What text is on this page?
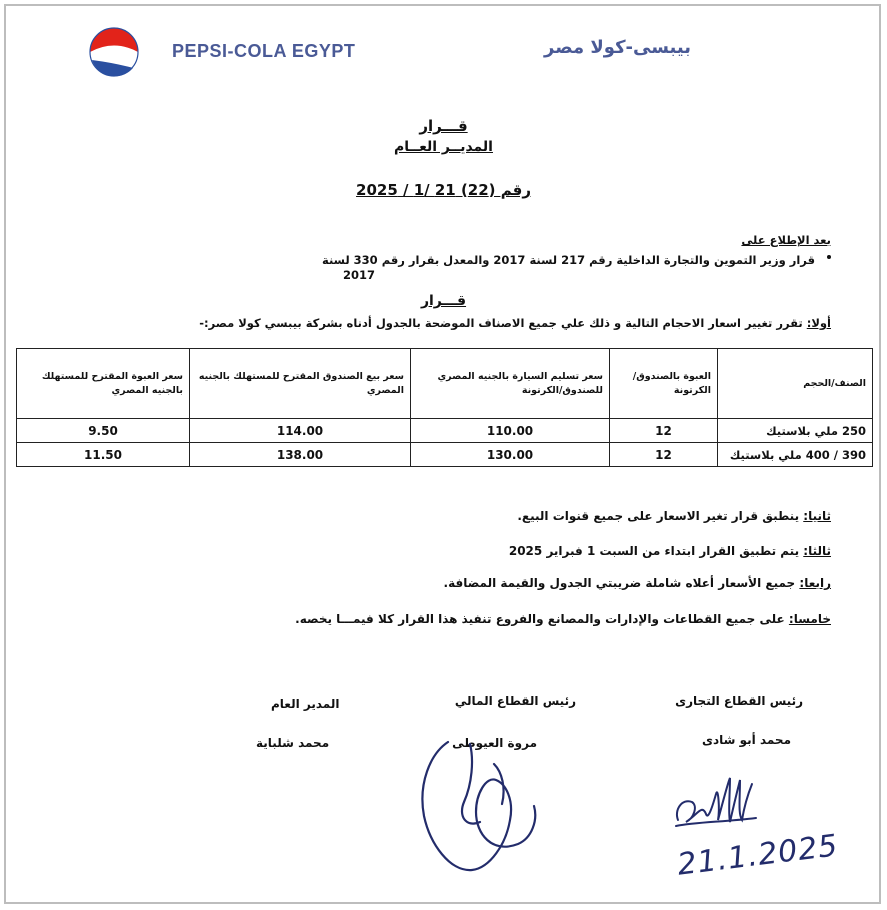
PEPSI-COLA EGYPT	بيبسى-كولا مصر
قـــرار
المديــر العــام
رقم (22) 21 /1 / 2025
بعد الإطلاع على
قرار وزير التموين والتجارة الداخلية رقم 217 لسنة 2017 والمعدل بقرار رقم 330 لسنة
2017
قـــرار
أولا: تقرر تغيير اسعار الاحجام التالية و ذلك علي جميع الاصناف الموضحة بالجدول أدناه بشركة بيبسي كولا مصر:-
الصنف/الحجم	العبوة بالصندوق/ الكرتونة	سعر تسليم السيارة بالجنيه المصري للصندوق/الكرتونة	سعر بيع الصندوق المقترح للمستهلك بالجنيه المصري	سعر العبوة المقترح للمستهلك بالجنيه المصري
250 ملي بلاستيك	12	110.00	114.00	9.50
390 / 400 ملي بلاستيك	12	130.00	138.00	11.50
ثانيا: ينطبق قرار تغير الاسعار على جميع قنوات البيع.
ثالثا: يتم تطبيق القرار ابتداء من السبت 1 فبراير 2025
رابعا: جميع الأسعار أعلاه شاملة ضريبتي الجدول والقيمة المضافة.
خامسا: على جميع القطاعات والإدارات والمصانع والفروع تنفيذ هذا القرار كلا فيمـــا يخصه.
رئيس القطاع التجارى
محمد أبو شادى
رئيس القطاع المالي
مروة العيوطى
المدير العام
محمد شلباية
21.1.2025
